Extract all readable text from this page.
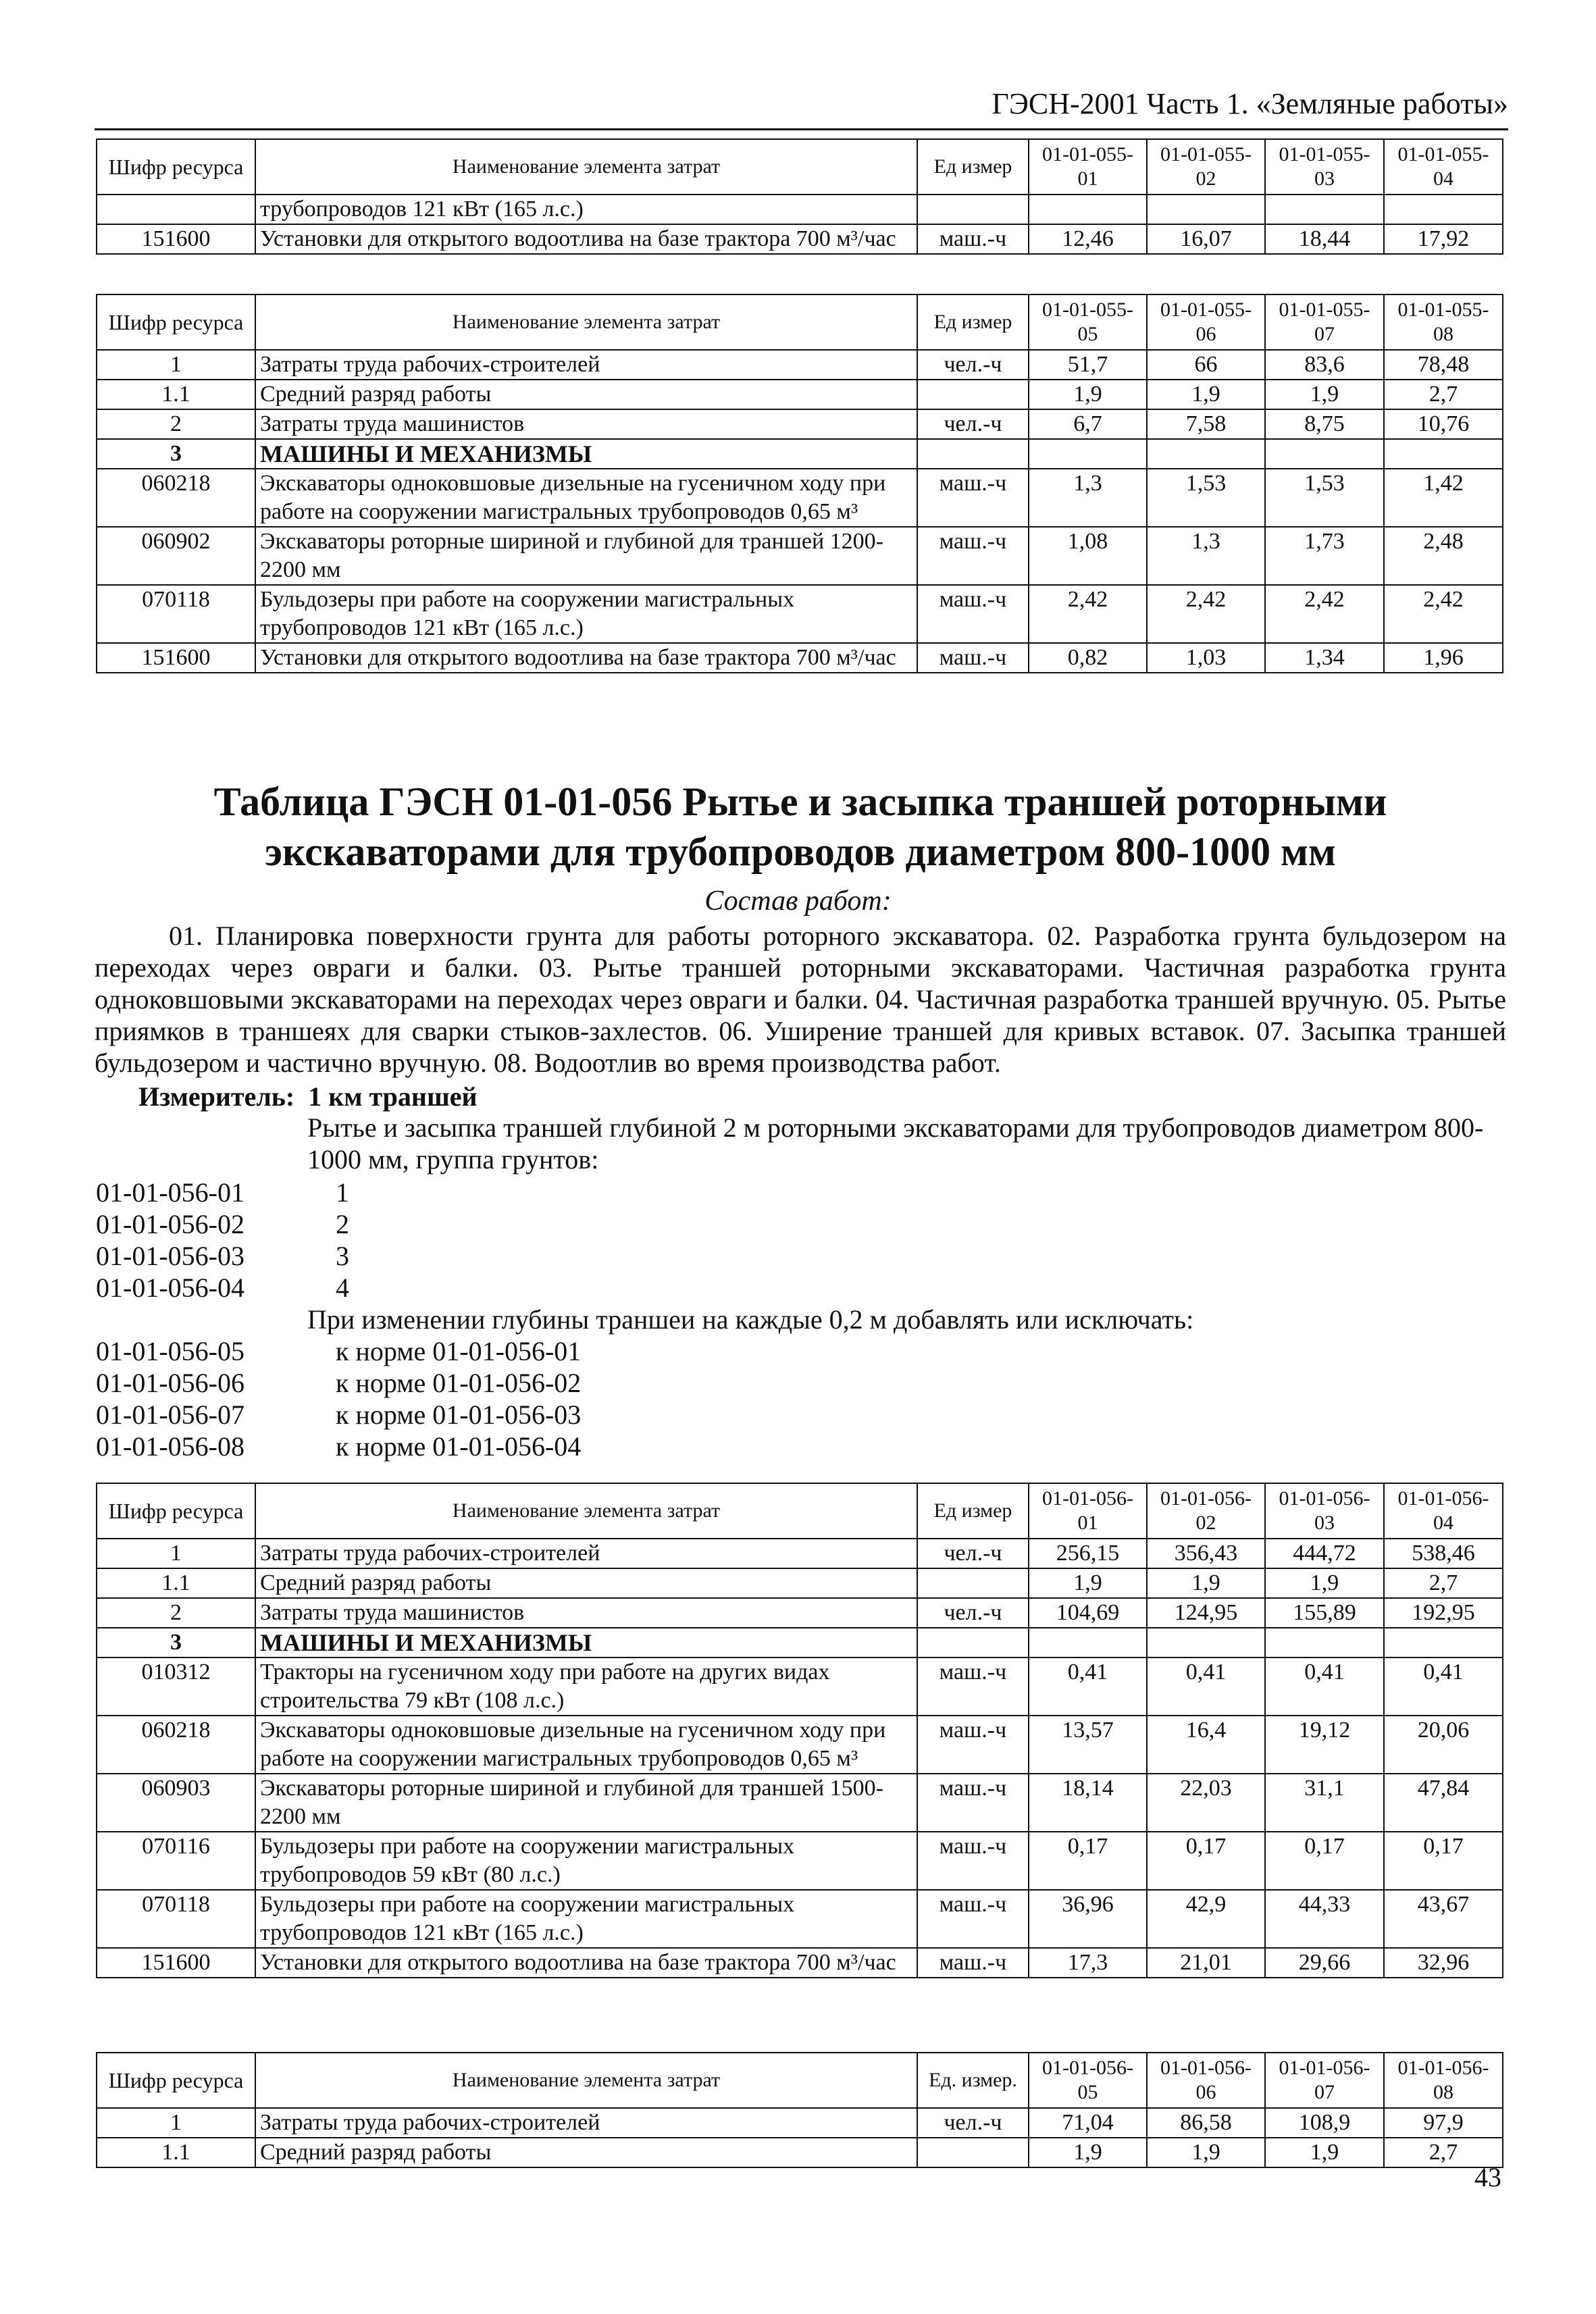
ГЭСН-2001 Часть 1. «Земляные работы»
Шифр ресурса	Наименование элемента затрат	Ед измер	01-01-055-01	01-01-055-02	01-01-055-03	01-01-055-04
	трубопроводов 121 кВт (165 л.с.)					
151600	Установки для открытого водоотлива на базе трактора 700 м³/час	маш.-ч	12,46	16,07	18,44	17,92
Шифр ресурса	Наименование элемента затрат	Ед измер	01-01-055-05	01-01-055-06	01-01-055-07	01-01-055-08
1	Затраты труда рабочих-строителей	чел.-ч	51,7	66	83,6	78,48
1.1	Средний разряд работы		1,9	1,9	1,9	2,7
2	Затраты труда машинистов	чел.-ч	6,7	7,58	8,75	10,76
3	МАШИНЫ И МЕХАНИЗМЫ					
060218	Экскаваторы одноковшовые дизельные на гусеничном ходу при работе на сооружении магистральных трубопроводов 0,65 м³	маш.-ч	1,3	1,53	1,53	1,42
060902	Экскаваторы роторные шириной и глубиной для траншей 1200-2200 мм	маш.-ч	1,08	1,3	1,73	2,48
070118	Бульдозеры при работе на сооружении магистральных трубопроводов 121 кВт (165 л.с.)	маш.-ч	2,42	2,42	2,42	2,42
151600	Установки для открытого водоотлива на базе трактора 700 м³/час	маш.-ч	0,82	1,03	1,34	1,96
Таблица ГЭСН 01-01-056 Рытье и засыпка траншей роторными экскаваторами для трубопроводов диаметром 800-1000 мм
Состав работ:
01. Планировка поверхности грунта для работы роторного экскаватора. 02. Разработка грунта бульдозером на переходах через овраги и балки. 03. Рытье траншей роторными экскаваторами. Частичная разработка грунта одноковшовыми экскаваторами на переходах через овраги и балки. 04. Частичная разработка траншей вручную. 05. Рытье приямков в траншеях для сварки стыков-захлестов. 06. Уширение траншей для кривых вставок. 07. Засыпка траншей бульдозером и частично вручную. 08. Водоотлив во время производства работ.
Измеритель: 1 км траншей
Рытье и засыпка траншей глубиной 2 м роторными экскаваторами для трубопроводов диаметром 800-1000 мм, группа грунтов:
01-01-056-01	1
01-01-056-02	2
01-01-056-03	3
01-01-056-04	4
При изменении глубины траншеи на каждые 0,2 м добавлять или исключать:
01-01-056-05	к норме 01-01-056-01
01-01-056-06	к норме 01-01-056-02
01-01-056-07	к норме 01-01-056-03
01-01-056-08	к норме 01-01-056-04
Шифр ресурса	Наименование элемента затрат	Ед измер	01-01-056-01	01-01-056-02	01-01-056-03	01-01-056-04
1	Затраты труда рабочих-строителей	чел.-ч	256,15	356,43	444,72	538,46
1.1	Средний разряд работы		1,9	1,9	1,9	2,7
2	Затраты труда машинистов	чел.-ч	104,69	124,95	155,89	192,95
3	МАШИНЫ И МЕХАНИЗМЫ					
010312	Тракторы на гусеничном ходу при работе на других видах строительства 79 кВт (108 л.с.)	маш.-ч	0,41	0,41	0,41	0,41
060218	Экскаваторы одноковшовые дизельные на гусеничном ходу при работе на сооружении магистральных трубопроводов 0,65 м³	маш.-ч	13,57	16,4	19,12	20,06
060903	Экскаваторы роторные шириной и глубиной для траншей 1500-2200 мм	маш.-ч	18,14	22,03	31,1	47,84
070116	Бульдозеры при работе на сооружении магистральных трубопроводов 59 кВт (80 л.с.)	маш.-ч	0,17	0,17	0,17	0,17
070118	Бульдозеры при работе на сооружении магистральных трубопроводов 121 кВт (165 л.с.)	маш.-ч	36,96	42,9	44,33	43,67
151600	Установки для открытого водоотлива на базе трактора 700 м³/час	маш.-ч	17,3	21,01	29,66	32,96
Шифр ресурса	Наименование элемента затрат	Ед. измер.	01-01-056-05	01-01-056-06	01-01-056-07	01-01-056-08
1	Затраты труда рабочих-строителей	чел.-ч	71,04	86,58	108,9	97,9
1.1	Средний разряд работы		1,9	1,9	1,9	2,7
43
